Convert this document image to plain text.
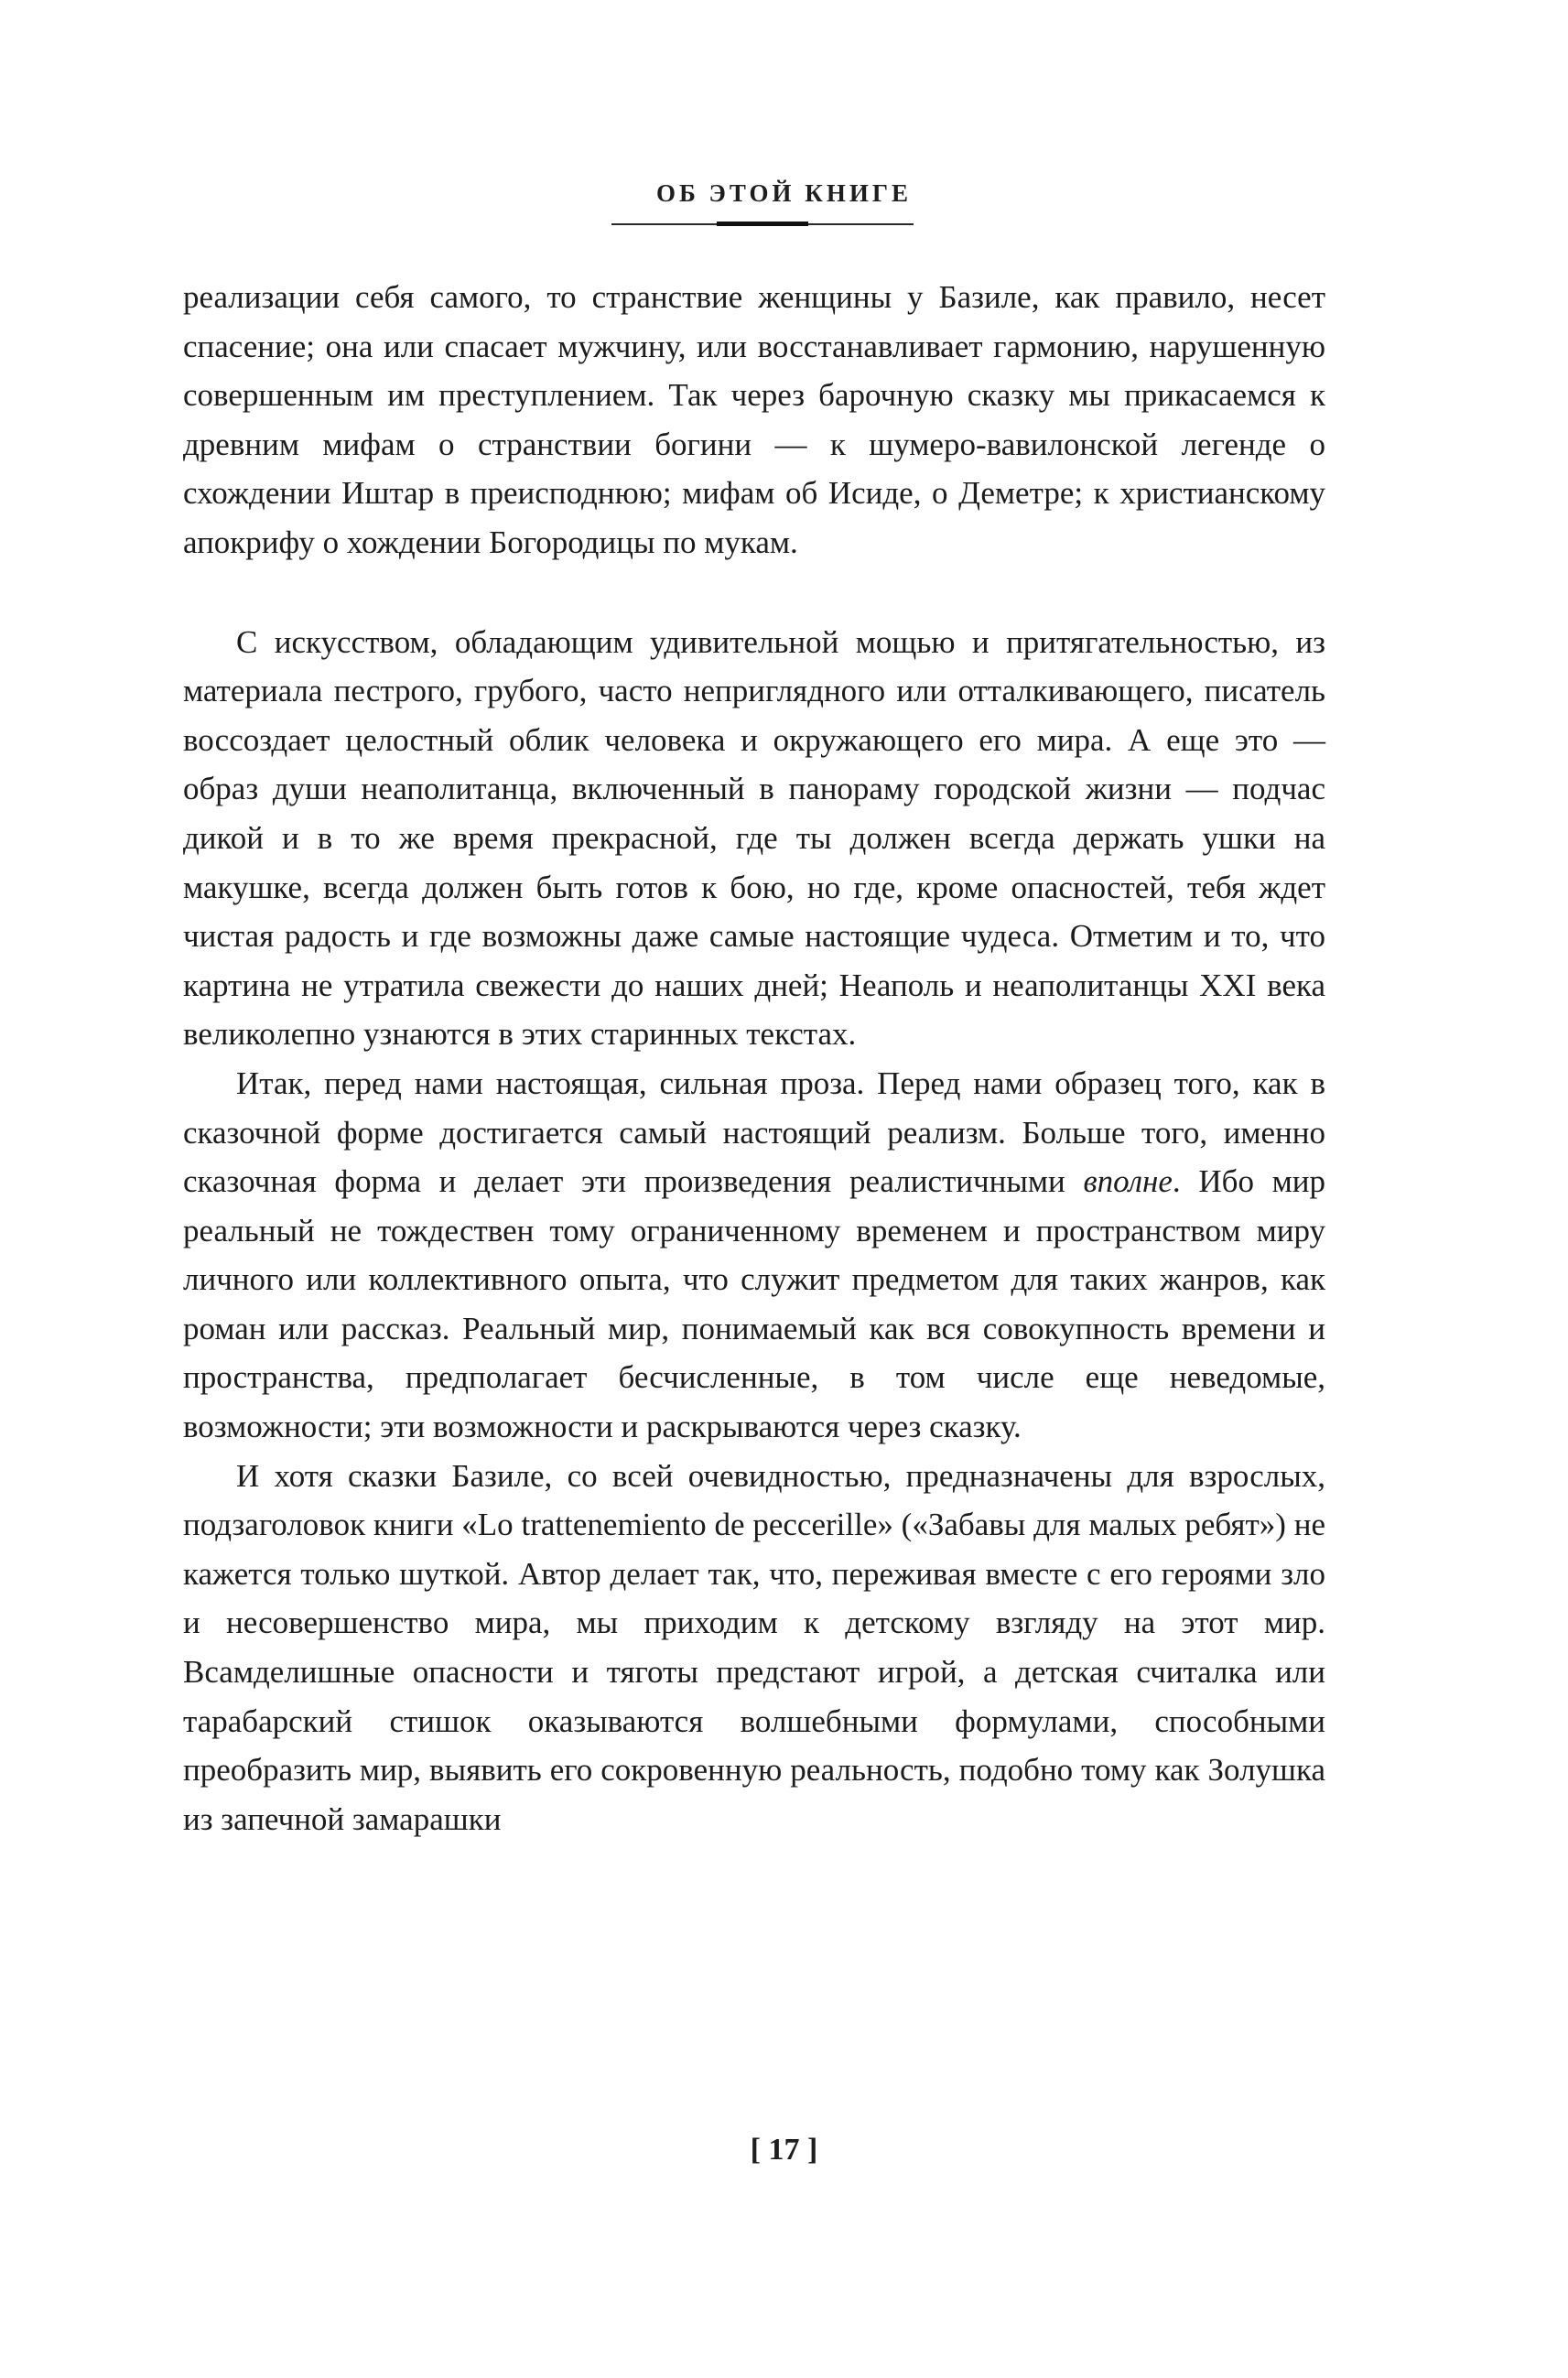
ОБ ЭТОЙ КНИГЕ

реализации себя самого, то странствие женщины у Базиле, как правило, несет спасение; она или спасает мужчину, или восстанавливает гармонию, нарушенную совершенным им преступлением. Так через барочную сказку мы прикасаемся к древним мифам о странствии богини — к шумеро-вавилонской легенде о схождении Иштар в преисподнюю; мифам об Исиде, о Деметре; к христианскому апокрифу о хождении Богородицы по мукам.

С искусством, обладающим удивительной мощью и притягательностью, из материала пестрого, грубого, часто неприглядного или отталкивающего, писатель воссоздает целостный облик человека и окружающего его мира. А еще это — образ души неаполитанца, включенный в панораму городской жизни — подчас дикой и в то же время прекрасной, где ты должен всегда держать ушки на макушке, всегда должен быть готов к бою, но где, кроме опасностей, тебя ждет чистая радость и где возможны даже самые настоящие чудеса. Отметим и то, что картина не утратила свежести до наших дней; Неаполь и неаполитанцы XXI века великолепно узнаются в этих старинных текстах.

Итак, перед нами настоящая, сильная проза. Перед нами образец того, как в сказочной форме достигается самый настоящий реализм. Больше того, именно сказочная форма и делает эти произведения реалистичными вполне. Ибо мир реальный не тождествен тому ограниченному временем и пространством миру личного или коллективного опыта, что служит предметом для таких жанров, как роман или рассказ. Реальный мир, понимаемый как вся совокупность времени и пространства, предполагает бесчисленные, в том числе еще неведомые, возможности; эти возможности и раскрываются через сказку.

И хотя сказки Базиле, со всей очевидностью, предназначены для взрослых, подзаголовок книги «Lo trattenemiento de peccerille» («Забавы для малых ребят») не кажется только шуткой. Автор делает так, что, переживая вместе с его героями зло и несовершенство мира, мы приходим к детскому взгляду на этот мир. Всамделишные опасности и тяготы предстают игрой, а детская считалка или тарабарский стишок оказываются волшебными формулами, способными преобразить мир, выявить его сокровенную реальность, подобно тому как Золушка из запечной замарашки

[ 17 ]
